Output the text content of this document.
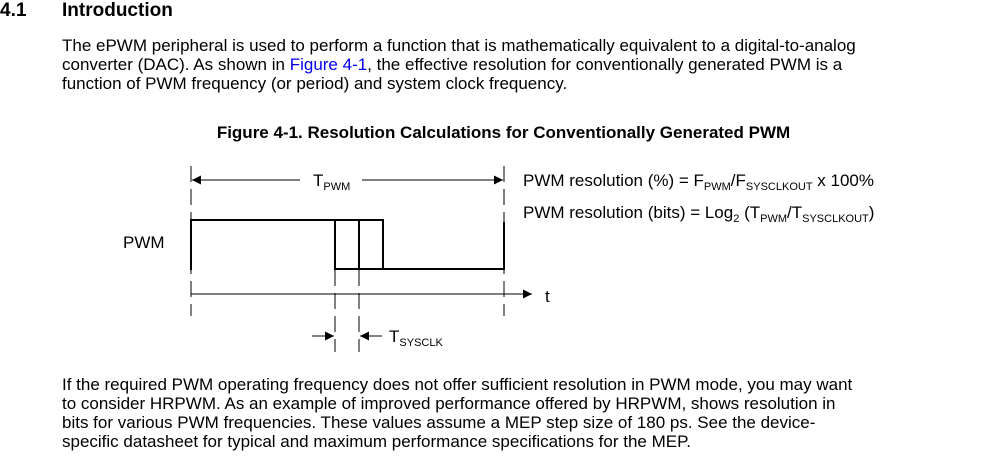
4.1 Introduction

The ePWM peripheral is used to perform a function that is mathematically equivalent to a digital-to-analog
converter (DAC). As shown in Figure 4-1, the effective resolution for conventionally generated PWM is a
function of PWM frequency (or period) and system clock frequency.

Figure 4-1. Resolution Calculations for Conventionally Generated PWM
$T_{PWM}$
PWM
t
$T_{SYSCLK}$
PWM resolution (%) = $F_{PWM}/F_{SYSCLKOUT}$ x 100%
PWM resolution (bits) = Log$_2$ $(T_{PWM}/T_{SYSCLKOUT})$

If the required PWM operating frequency does not offer sufficient resolution in PWM mode, you may want
to consider HRPWM. As an example of improved performance offered by HRPWM, shows resolution in
bits for various PWM frequencies. These values assume a MEP step size of 180 ps. See the device-
specific datasheet for typical and maximum performance specifications for the MEP.
